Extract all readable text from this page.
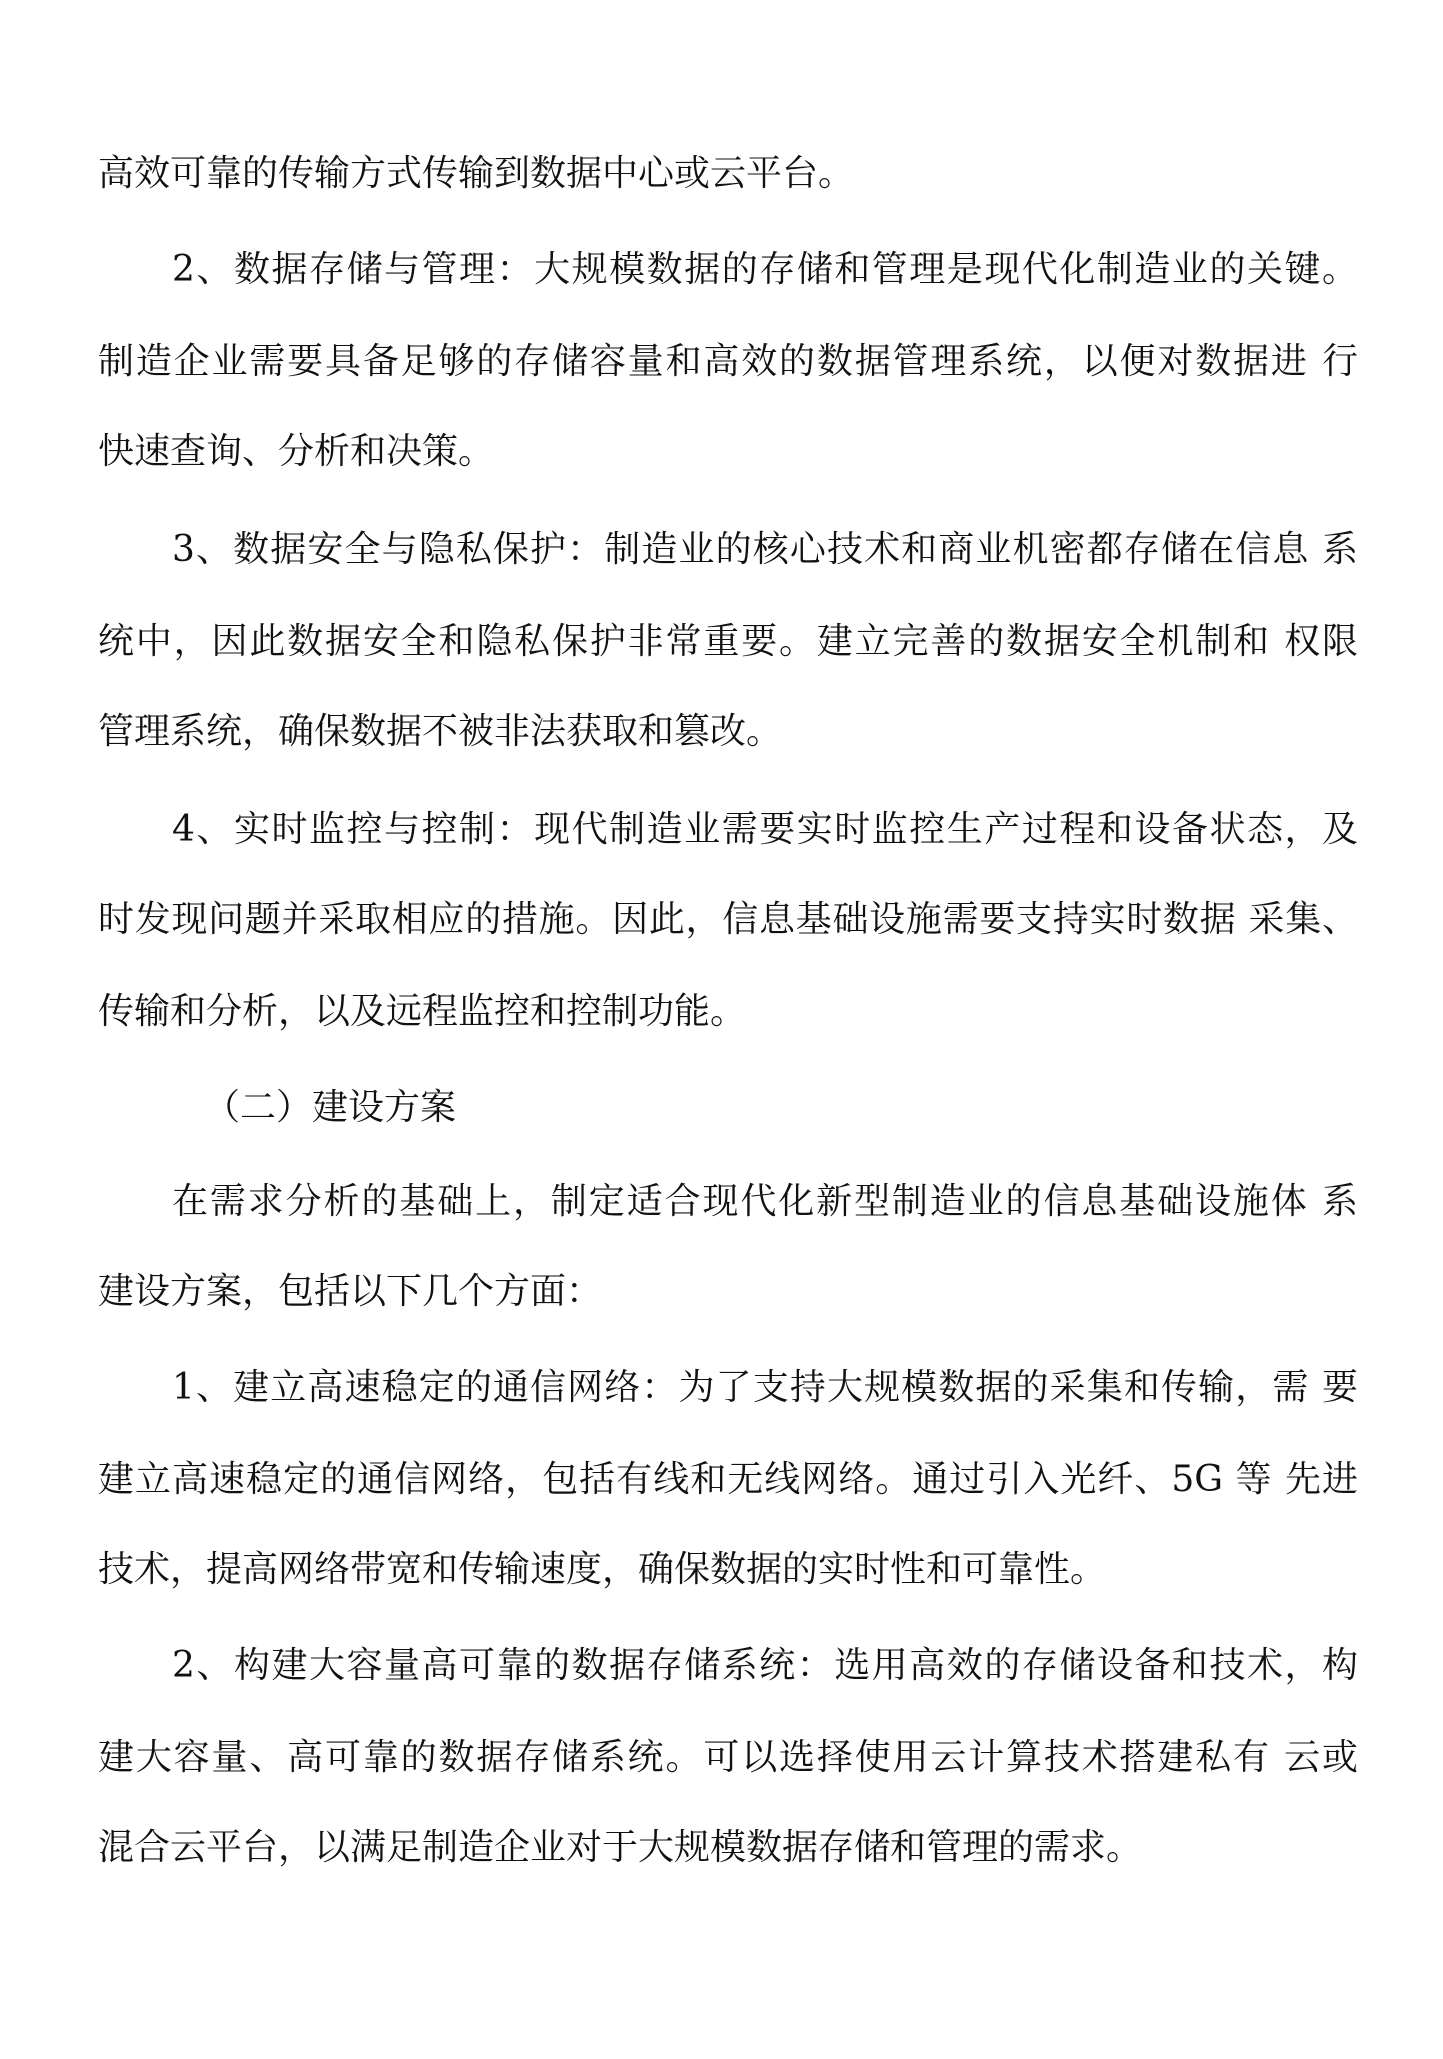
高效可靠的传输方式传输到数据中心或云平台。

2、数据存储与管理：大规模数据的存储和管理是现代化制造业的关键。

制造企业需要具备足够的存储容量和高效的数据管理系统，以便对数据进 行

快速查询、分析和决策。

3、数据安全与隐私保护：制造业的核心技术和商业机密都存储在信息 系

统中，因此数据安全和隐私保护非常重要。建立完善的数据安全机制和 权限

管理系统，确保数据不被非法获取和篡改。

4、实时监控与控制：现代制造业需要实时监控生产过程和设备状态，及

时发现问题并采取相应的措施。因此，信息基础设施需要支持实时数据 采集、

传输和分析，以及远程监控和控制功能。

（二）建设方案

在需求分析的基础上，制定适合现代化新型制造业的信息基础设施体 系

建设方案，包括以下几个方面：

1、建立高速稳定的通信网络：为了支持大规模数据的采集和传输，需 要

建立高速稳定的通信网络，包括有线和无线网络。通过引入光纤、5G 等 先进

技术，提高网络带宽和传输速度，确保数据的实时性和可靠性。

2、构建大容量高可靠的数据存储系统：选用高效的存储设备和技术，构

建大容量、高可靠的数据存储系统。可以选择使用云计算技术搭建私有 云或

混合云平台，以满足制造企业对于大规模数据存储和管理的需求。
